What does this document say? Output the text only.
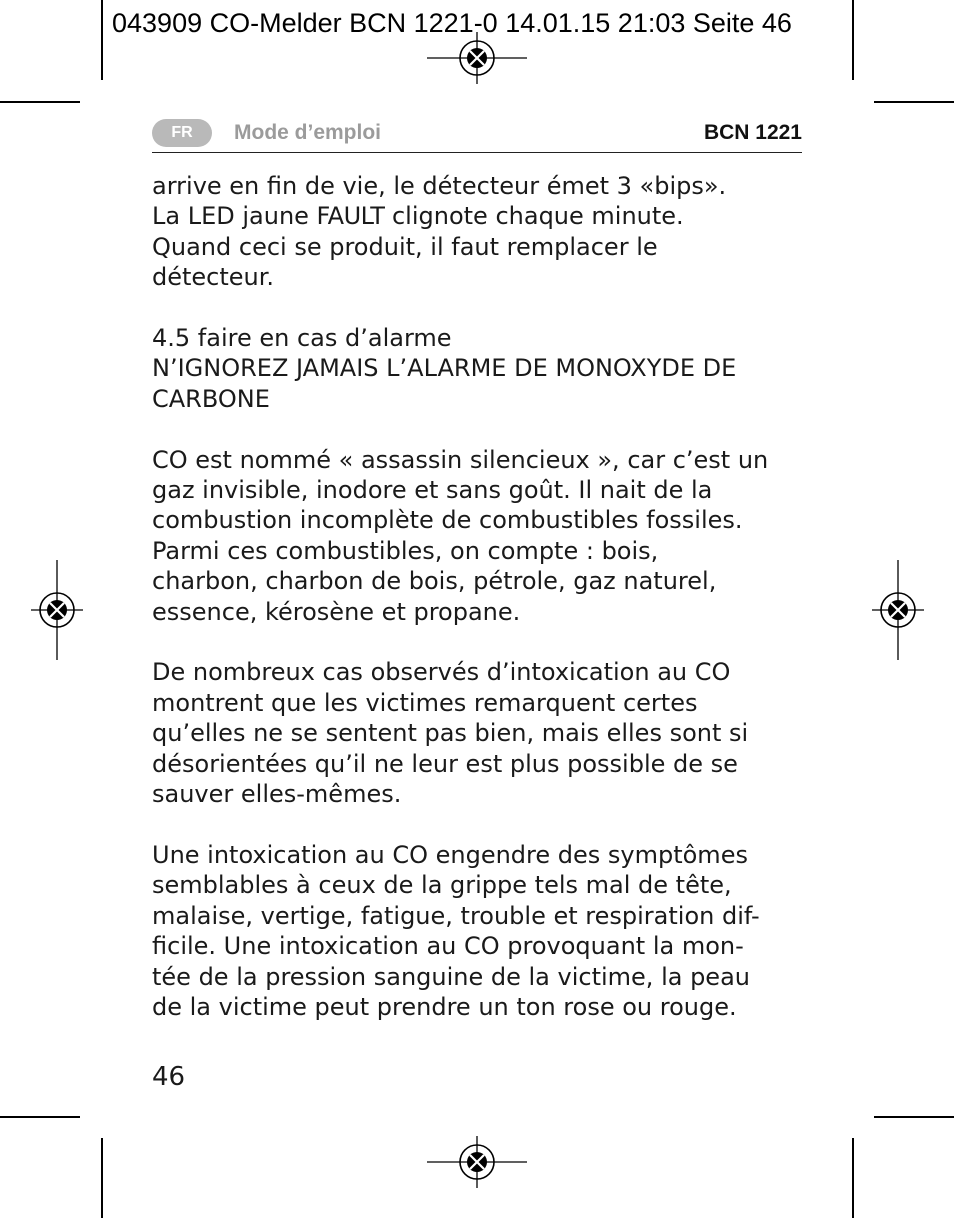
043909 CO-Melder BCN 1221-0 14.01.15 21:03 Seite 46
FR	Mode d’emploi	BCN 1221

arrive en fin de vie, le détecteur émet 3 «bips».
La LED jaune FAULT clignote chaque minute.
Quand ceci se produit, il faut remplacer le
détecteur.

4.5 faire en cas d’alarme
N’IGNOREZ JAMAIS L’ALARME DE MONOXYDE DE
CARBONE

CO est nommé « assassin silencieux », car c’est un
gaz invisible, inodore et sans goût. Il nait de la
combustion incomplète de combustibles fossiles.
Parmi ces combustibles, on compte : bois,
charbon, charbon de bois, pétrole, gaz naturel,
essence, kérosène et propane.

De nombreux cas observés d’intoxication au CO
montrent que les victimes remarquent certes
qu’elles ne se sentent pas bien, mais elles sont si
désorientées qu’il ne leur est plus possible de se
sauver elles-mêmes.

Une intoxication au CO engendre des symptômes
semblables à ceux de la grippe tels mal de tête,
malaise, vertige, fatigue, trouble et respiration dif-
ficile. Une intoxication au CO provoquant la mon-
tée de la pression sanguine de la victime, la peau
de la victime peut prendre un ton rose ou rouge.

46
